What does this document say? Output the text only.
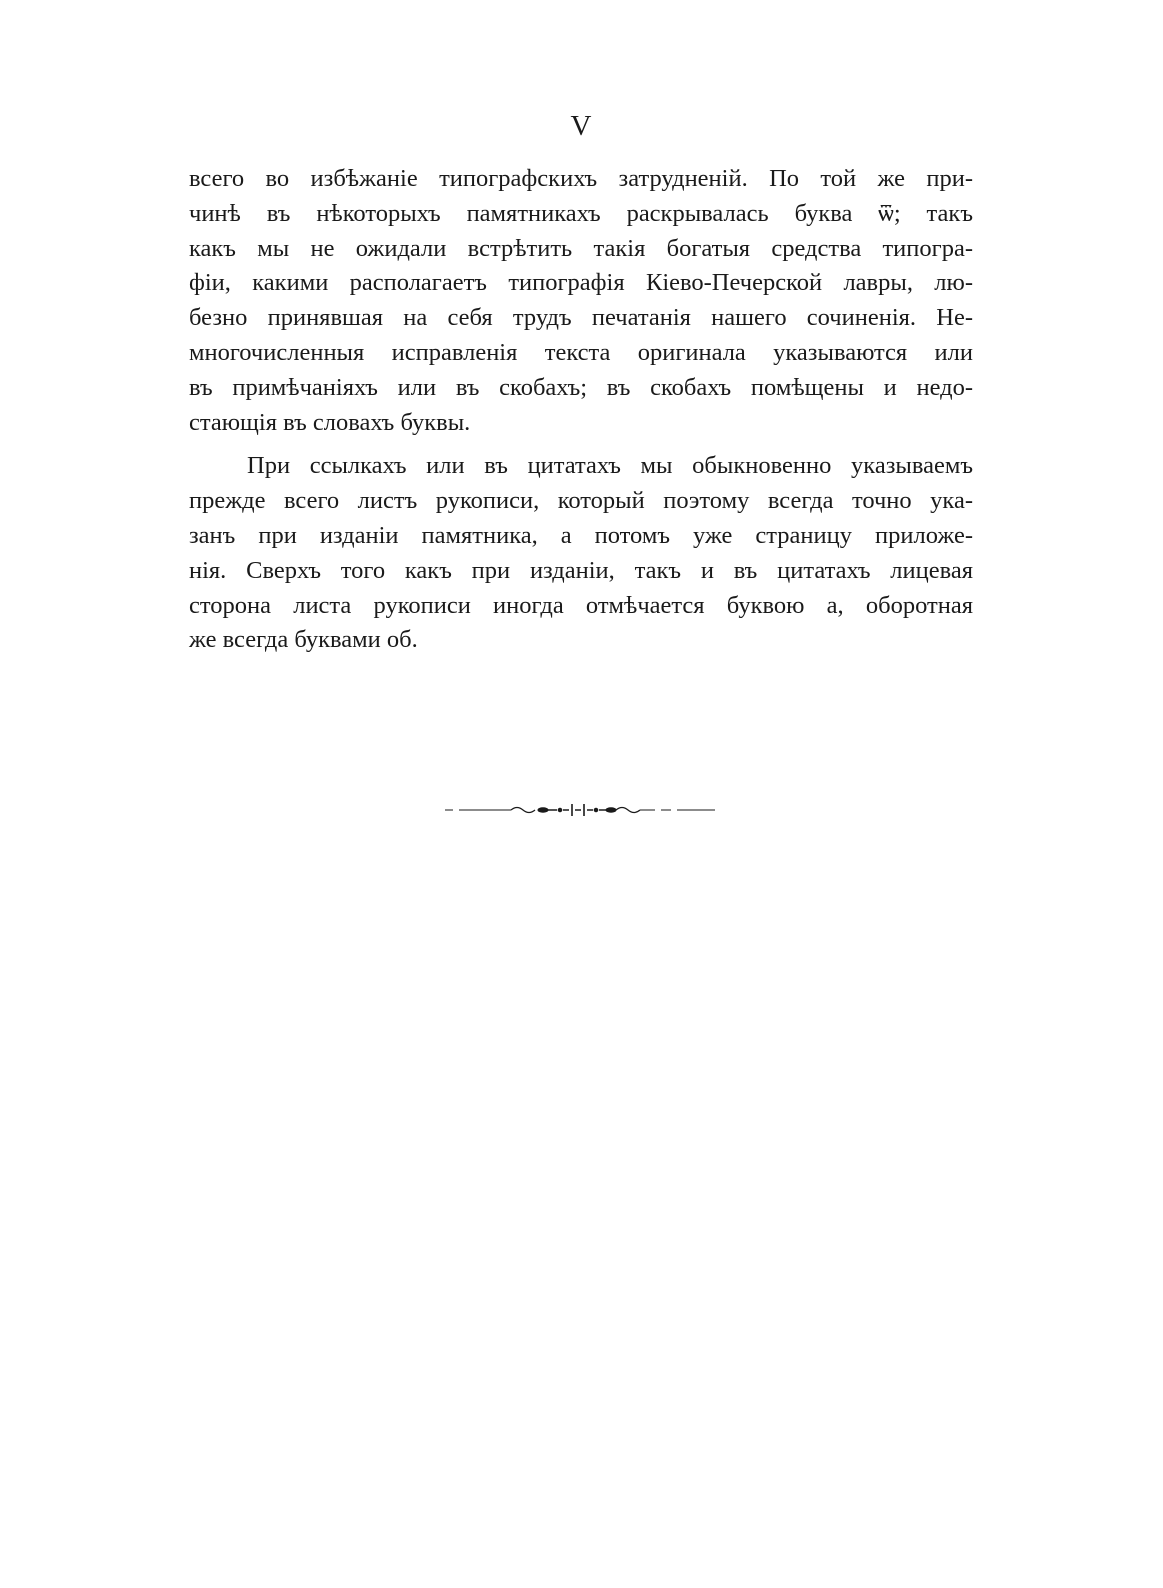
V
всего во избѣжаніе типографскихъ затрудненій. По той же при-
чинѣ въ нѣкоторыхъ памятникахъ раскрывалась буква ѿ; такъ
какъ мы не ожидали встрѣтить такія богатыя средства типогра-
фіи, какими располагаетъ типографія Кіево-Печерской лавры, лю-
безно принявшая на себя трудъ печатанія нашего сочиненія. Не-
многочисленныя исправленія текста оригинала указываются или
въ примѣчаніяхъ или въ скобахъ; въ скобахъ помѣщены и недо-
стающія въ словахъ буквы.
При ссылкахъ или въ цитатахъ мы обыкновенно указываемъ
прежде всего листъ рукописи, который поэтому всегда точно ука-
занъ при изданіи памятника, а потомъ уже страницу приложе-
нія. Сверхъ того какъ при изданіи, такъ и въ цитатахъ лицевая
сторона листа рукописи иногда отмѣчается буквою а, оборотная
же всегда буквами об.
